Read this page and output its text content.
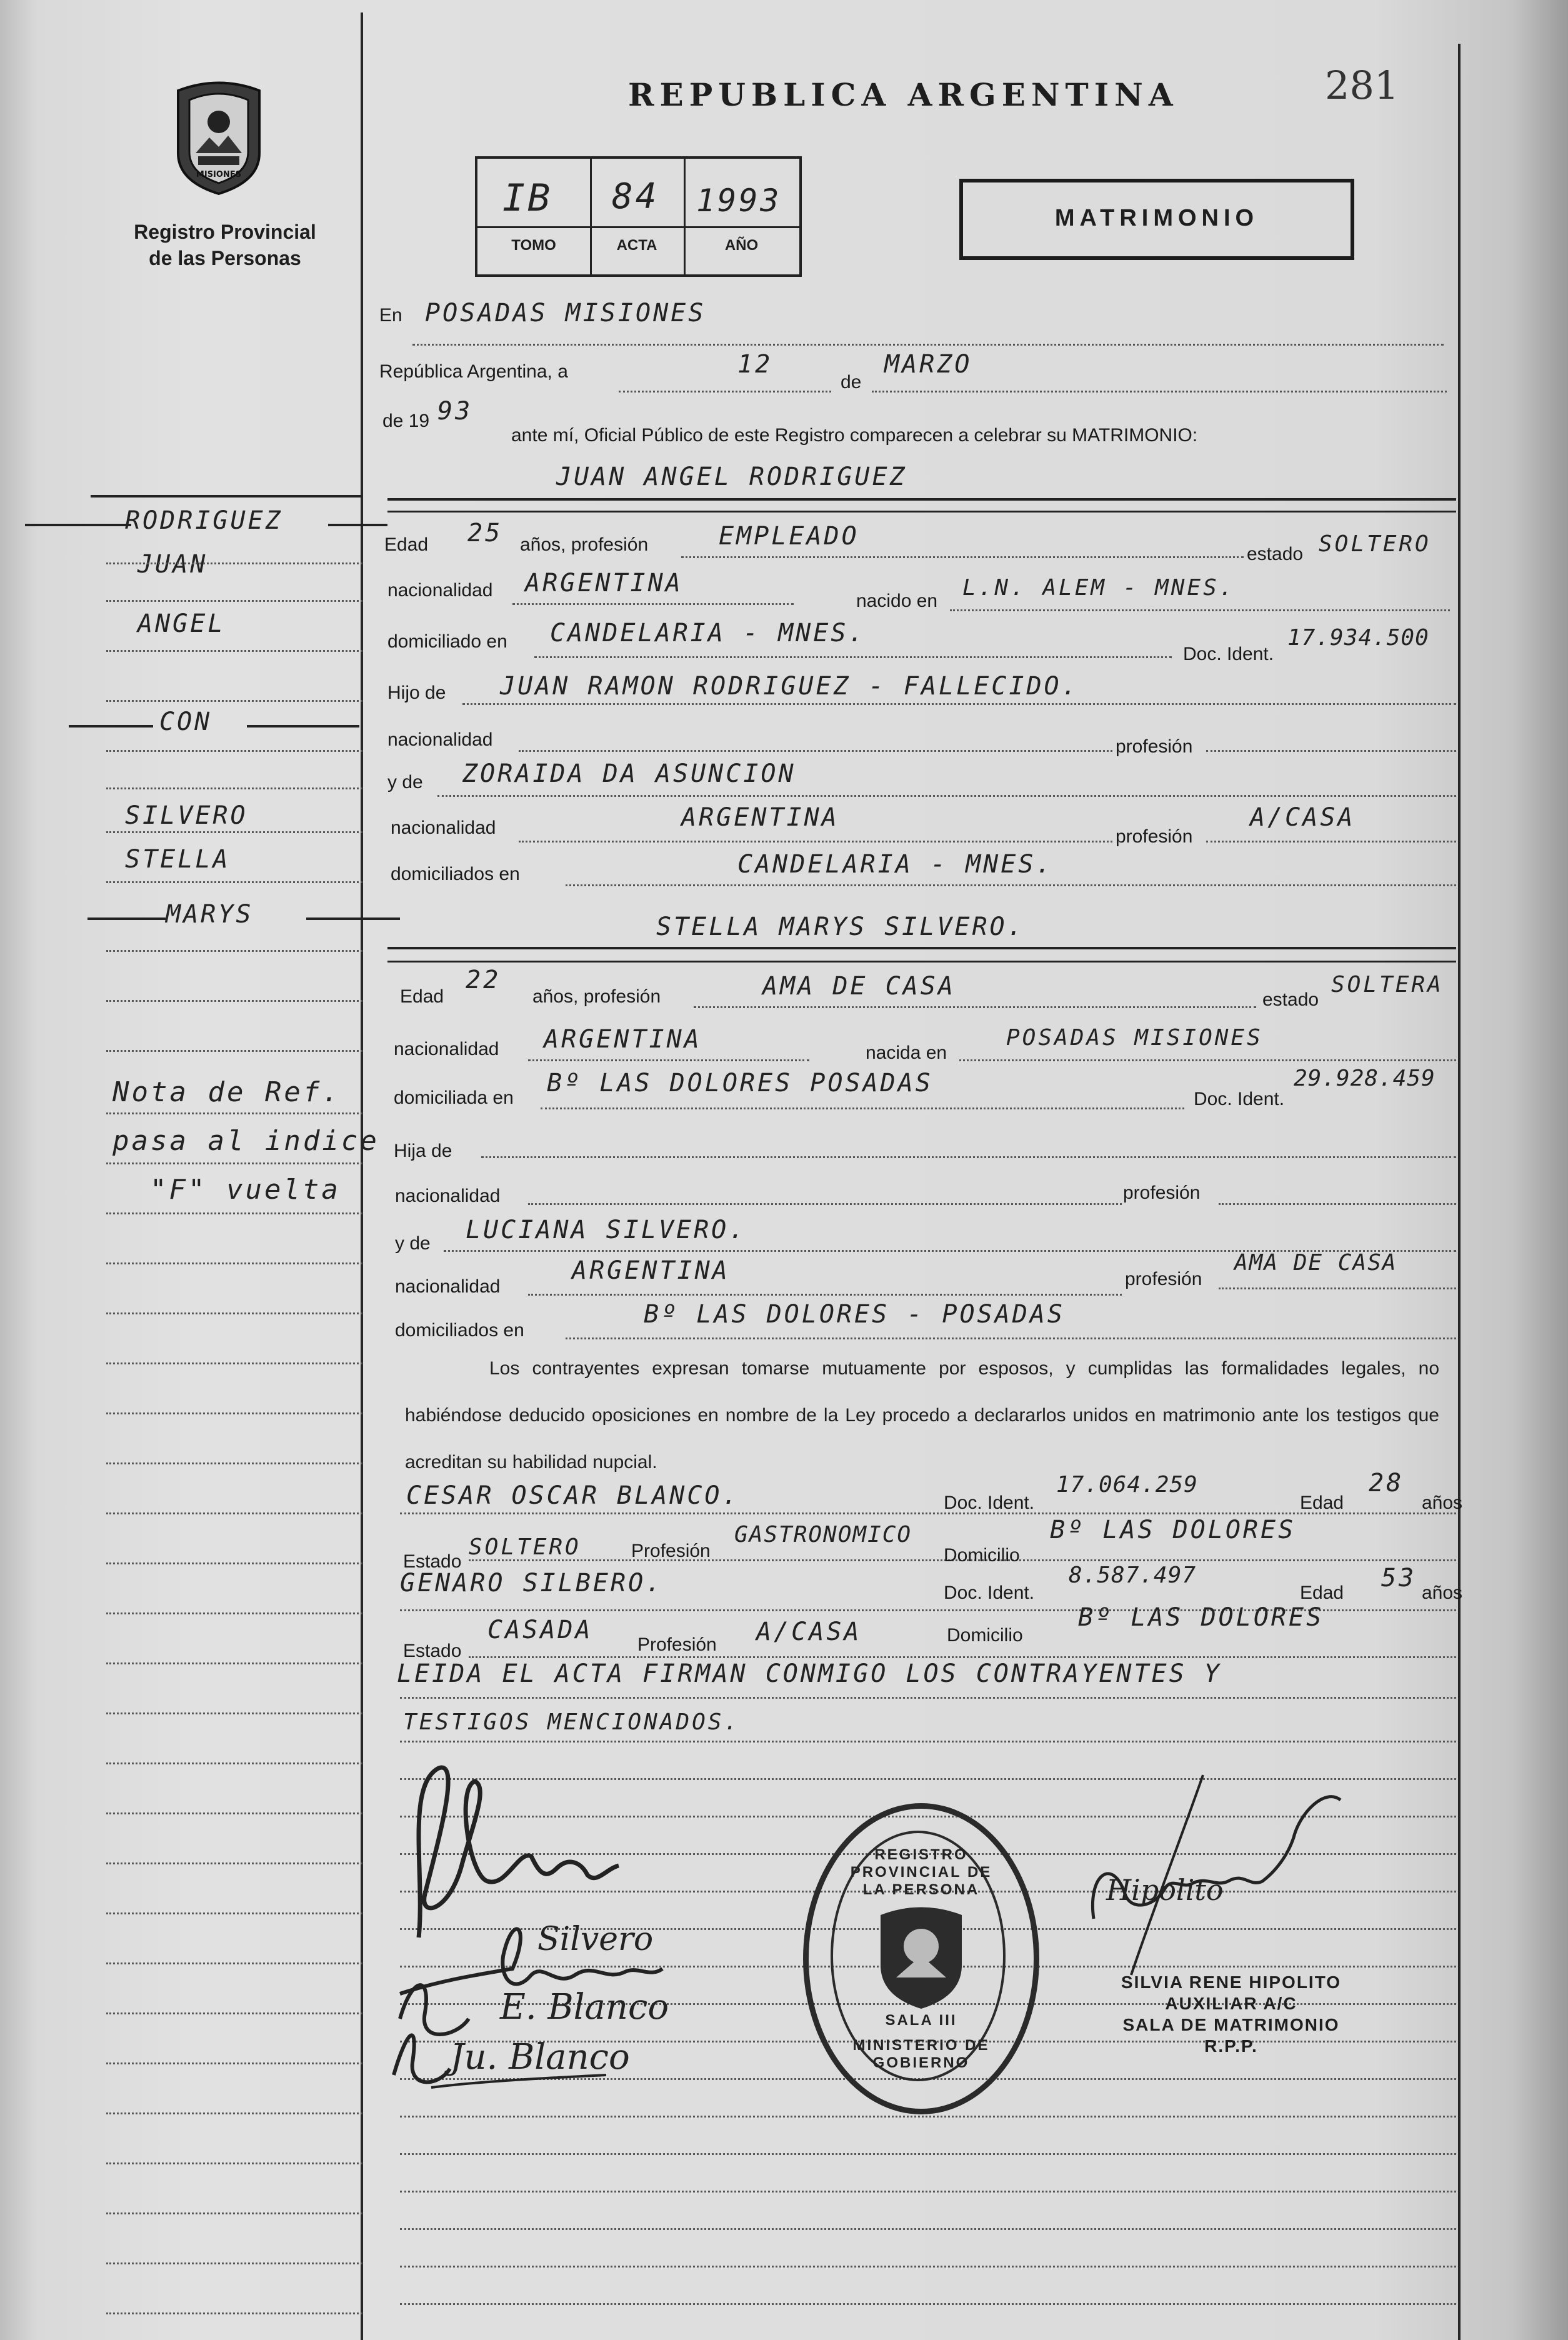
REPUBLICA ARGENTINA	281
MISIONES
Registro Provincial
de las Personas
IB 84 1993
TOMO	ACTA	AÑO
MATRIMONIO
RODRIGUEZ
JUAN
ANGEL
CON
SILVERO
STELLA
MARYS
Nota de Ref.
pasa al indice
"F" vuelta
En POSADAS MISIONES
República Argentina, a	12
de
MARZO
de 19 93
ante mí, Oficial Público de este Registro comparecen a celebrar su MATRIMONIO:
JUAN ANGEL RODRIGUEZ
Edad 25 años, profesión	EMPLEADO
estado SOLTERO
nacionalidad ARGENTINA
nacido en
L.N. ALEM - MNES.
domiciliado en CANDELARIA - MNES.
Doc. Ident.
17.934.500
Hijo de JUAN RAMON RODRIGUEZ - FALLECIDO.
nacionalidad	profesión
y de ZORAIDA DA ASUNCION
nacionalidad	ARGENTINA
profesión
A/CASA
domiciliados en	CANDELARIA - MNES.
STELLA MARYS SILVERO.
Edad
22
años, profesión	AMA DE CASA	estado
SOLTERA
nacionalidad ARGENTINA	nacida en
POSADAS MISIONES
domiciliada en
Bº LAS DOLORES POSADAS
Doc. Ident.
29.928.459
Hija de
nacionalidad	profesión
y de LUCIANA SILVERO.
nacionalidad
ARGENTINA	profesión
AMA DE CASA
domiciliados en
Bº LAS DOLORES - POSADAS
Los contrayentes expresan tomarse mutuamente por esposos, y cumplidas las formalidades legales, no habiéndose deducido oposiciones en nombre de la Ley procedo a declararlos unidos en matrimonio ante los testigos que acreditan su habilidad nupcial.
CESAR OSCAR BLANCO.	Doc. Ident.
17.064.259
Edad
28
años
Estado
SOLTERO	Profesión
GASTRONOMICO
Domicilio
Bº LAS DOLORES
GENARO SILBERO.	Doc. Ident.
8.587.497
Edad
53
años
Estado
CASADA
Profesión A/CASA	Domicilio
Bº LAS DOLORES
LEIDA EL ACTA FIRMAN CONMIGO LOS CONTRAYENTES Y
TESTIGOS MENCIONADOS.
Silvero
E. Blanco
Ju. Blanco
REGISTRO PROVINCIAL DE LA PERSONA
MINISTERIO DE GOBIERNO
SALA III
Hipolito
SILVIA RENE HIPOLITO
AUXILIAR A/C
SALA DE MATRIMONIO
R.P.P.
